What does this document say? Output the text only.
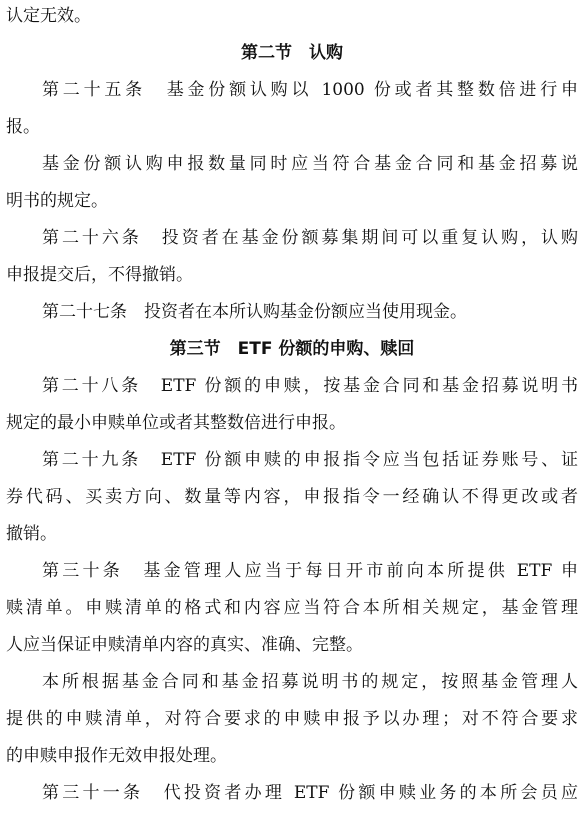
认定无效。
第二节　认购
第二十五条　基金份额认购以 1000 份或者其整数倍进行申
报。
基金份额认购申报数量同时应当符合基金合同和基金招募说
明书的规定。
第二十六条　投资者在基金份额募集期间可以重复认购，认购
申报提交后，不得撤销。
第二十七条　投资者在本所认购基金份额应当使用现金。
第三节　ETF 份额的申购、赎回
第二十八条　ETF 份额的申赎，按基金合同和基金招募说明书
规定的最小申赎单位或者其整数倍进行申报。
第二十九条　ETF 份额申赎的申报指令应当包括证券账号、证
券代码、买卖方向、数量等内容，申报指令一经确认不得更改或者
撤销。
第三十条　基金管理人应当于每日开市前向本所提供 ETF 申
赎清单。申赎清单的格式和内容应当符合本所相关规定，基金管理
人应当保证申赎清单内容的真实、准确、完整。
本所根据基金合同和基金招募说明书的规定，按照基金管理人
提供的申赎清单，对符合要求的申赎申报予以办理；对不符合要求
的申赎申报作无效申报处理。
第三十一条　代投资者办理 ETF 份额申赎业务的本所会员应
